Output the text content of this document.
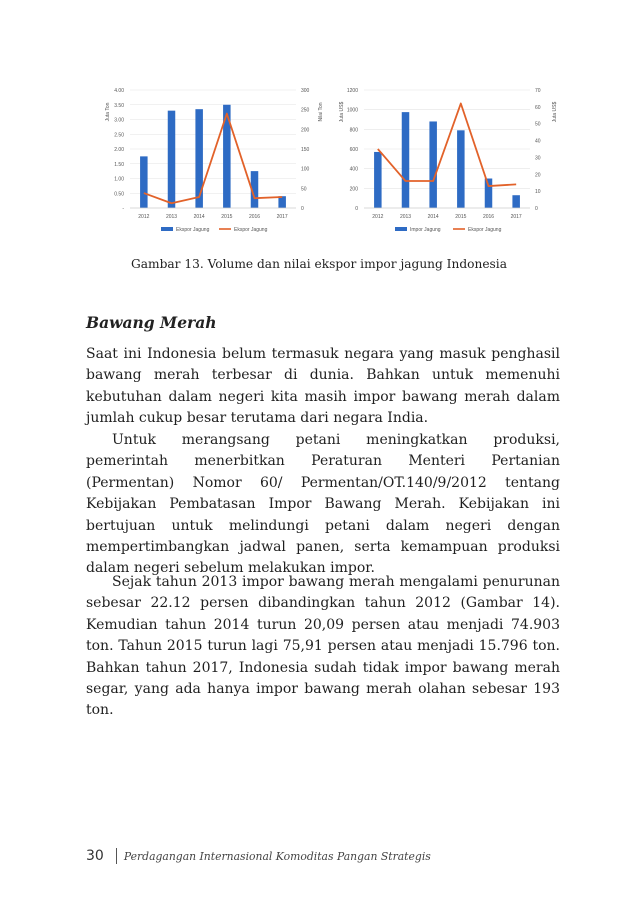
4.00
3.50
3.00
2.50
2.00
1.50
1.00
0.50
-
300
250
200
150
100
50
0
Juta Ton	Nilai Ton
2012	2013	2014	2015	2016	2017
Ekspor Jagung	Ekspor Jagung
1200
1000
800
600
400
200
0
70
60
50
40
30
20
10
0
Juta US$	Juta US$
2012	2013	2014	2015	2016	2017
Impor Jagung	Ekspor Jagung
Gambar 13. Volume dan nilai ekspor impor jagung Indonesia
Bawang Merah

Saat ini Indonesia belum termasuk negara yang masuk penghasil bawang merah terbesar di dunia. Bahkan untuk memenuhi kebutuhan dalam negeri kita masih impor bawang merah dalam jumlah cukup besar terutama dari negara India.

Untuk merangsang petani meningkatkan produksi, pemerintah menerbitkan Peraturan Menteri Pertanian (Permentan) Nomor 60/ Permentan/OT.140/9/2012 tentang Kebijakan Pembatasan Impor Bawang Merah. Kebijakan ini bertujuan untuk melindungi petani dalam negeri dengan mempertimbangkan jadwal panen, serta kemampuan produksi dalam negeri sebelum melakukan impor.

Sejak tahun 2013 impor bawang merah mengalami penurunan sebesar 22.12 persen dibandingkan tahun 2012 (Gambar 14). Kemudian tahun 2014 turun 20,09 persen atau menjadi 74.903 ton. Tahun 2015 turun lagi 75,91 persen atau menjadi 15.796 ton. Bahkan tahun 2017, Indonesia sudah tidak impor bawang merah segar, yang ada hanya impor bawang merah olahan sebesar 193 ton.

30 Perdagangan Internasional Komoditas Pangan Strategis
